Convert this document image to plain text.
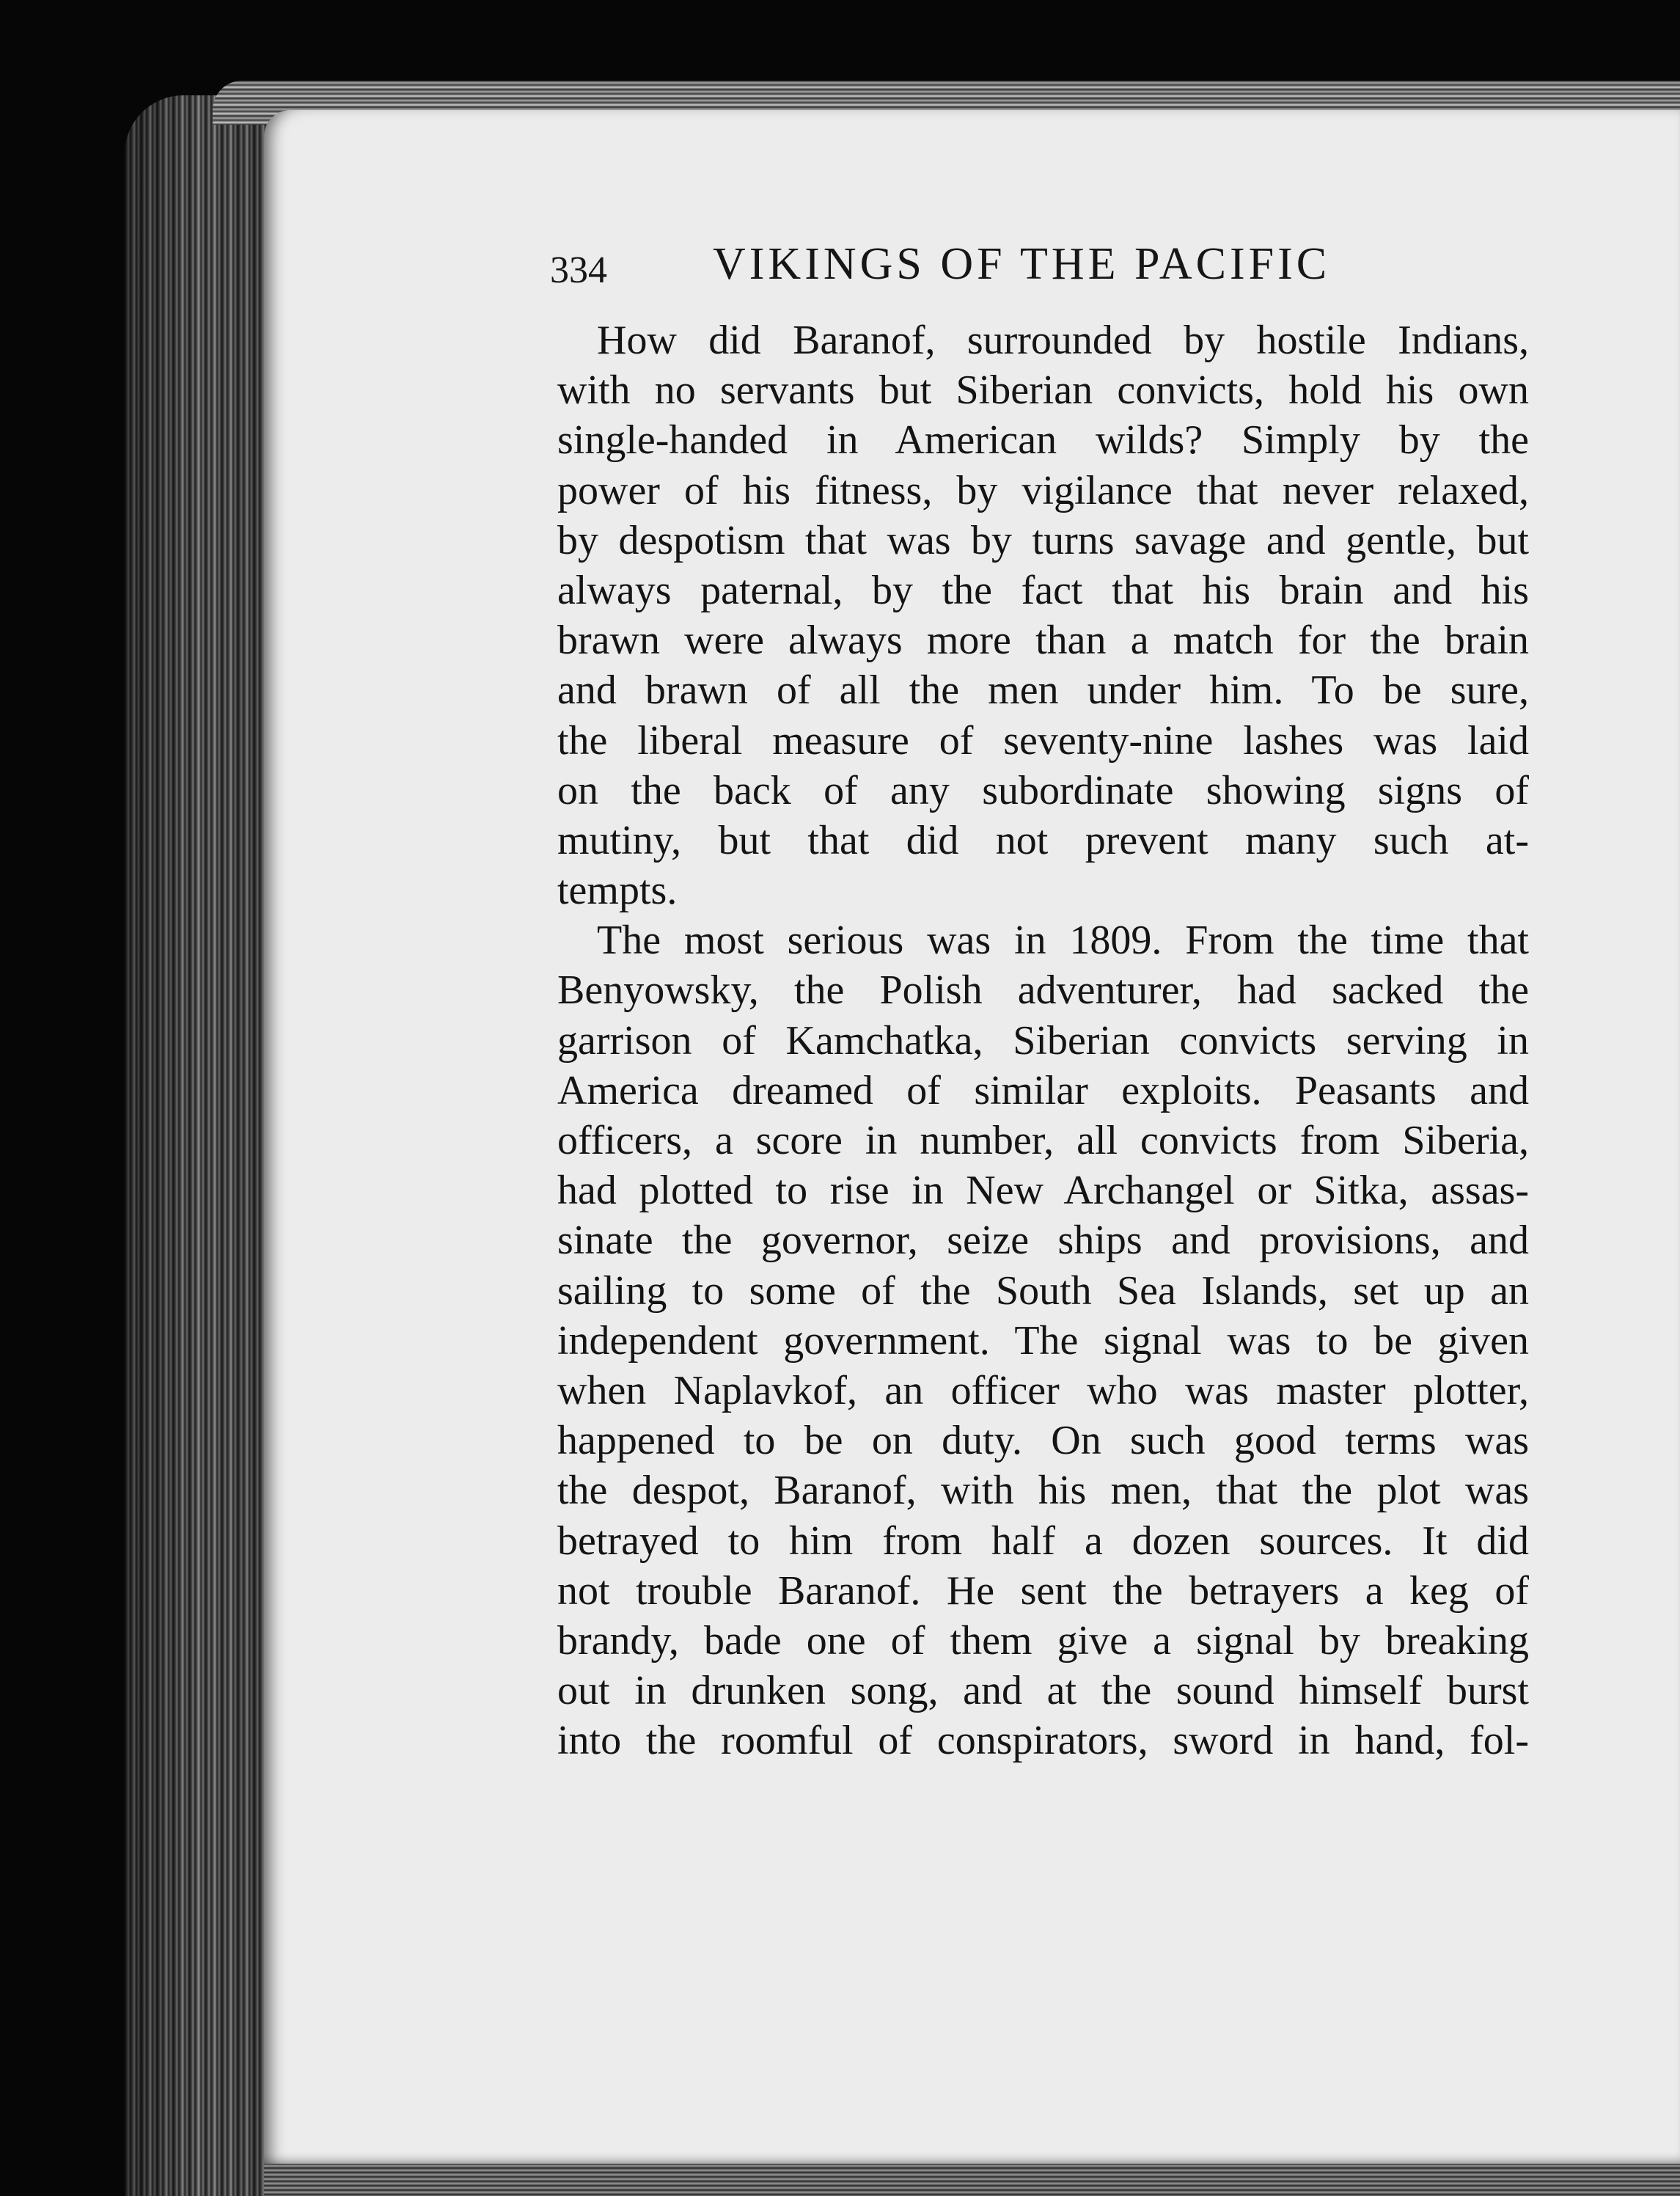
334 VIKINGS OF THE PACIFIC
How did Baranof, surrounded by hostile Indians,
with no servants but Siberian convicts, hold his own
single-handed in American wilds? Simply by the
power of his fitness, by vigilance that never relaxed,
by despotism that was by turns savage and gentle, but
always paternal, by the fact that his brain and his
brawn were always more than a match for the brain
and brawn of all the men under him. To be sure,
the liberal measure of seventy-nine lashes was laid
on the back of any subordinate showing signs of
mutiny, but that did not prevent many such at-
tempts.
The most serious was in 1809. From the time that
Benyowsky, the Polish adventurer, had sacked the
garrison of Kamchatka, Siberian convicts serving in
America dreamed of similar exploits. Peasants and
officers, a score in number, all convicts from Siberia,
had plotted to rise in New Archangel or Sitka, assas-
sinate the governor, seize ships and provisions, and
sailing to some of the South Sea Islands, set up an
independent government. The signal was to be given
when Naplavkof, an officer who was master plotter,
happened to be on duty. On such good terms was
the despot, Baranof, with his men, that the plot was
betrayed to him from half a dozen sources. It did
not trouble Baranof. He sent the betrayers a keg of
brandy, bade one of them give a signal by breaking
out in drunken song, and at the sound himself burst
into the roomful of conspirators, sword in hand, fol-
